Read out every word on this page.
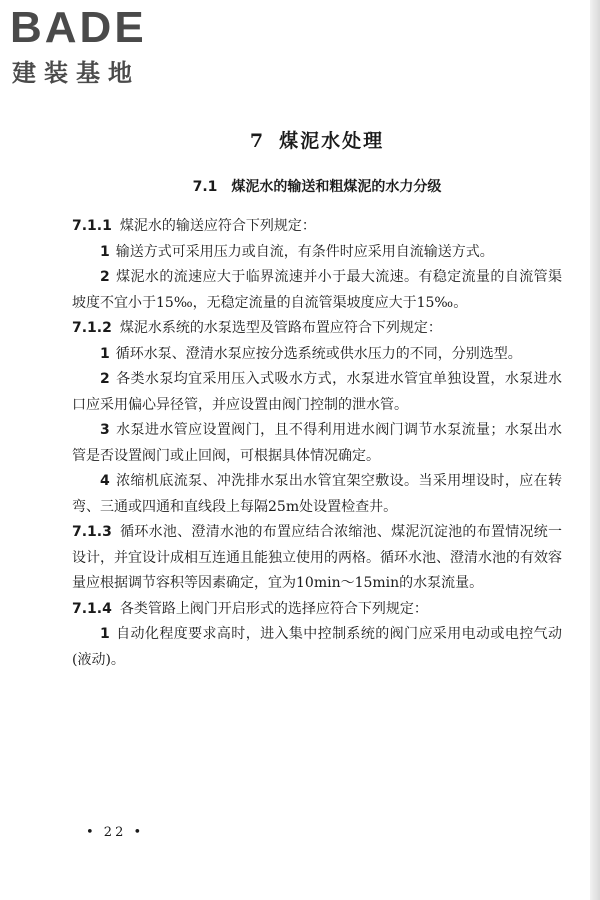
BADE
建装基地
7 煤泥水处理
7.1 煤泥水的输送和粗煤泥的水力分级

7.1.1 煤泥水的输送应符合下列规定：

1 输送方式可采用压力或自流，有条件时应采用自流输送方式。

2 煤泥水的流速应大于临界流速并小于最大流速。有稳定流量的自流管渠坡度不宜小于15‰，无稳定流量的自流管渠坡度应大于15‰。

7.1.2 煤泥水系统的水泵选型及管路布置应符合下列规定：

1 循环水泵、澄清水泵应按分选系统或供水压力的不同，分别选型。

2 各类水泵均宜采用压入式吸水方式，水泵进水管宜单独设置，水泵进水口应采用偏心异径管，并应设置由阀门控制的泄水管。

3 水泵进水管应设置阀门，且不得利用进水阀门调节水泵流量；水泵出水管是否设置阀门或止回阀，可根据具体情况确定。

4 浓缩机底流泵、冲洗排水泵出水管宜架空敷设。当采用埋设时，应在转弯、三通或四通和直线段上每隔25m处设置检查井。

7.1.3 循环水池、澄清水池的布置应结合浓缩池、煤泥沉淀池的布置情况统一设计，并宜设计成相互连通且能独立使用的两格。循环水池、澄清水池的有效容量应根据调节容积等因素确定，宜为10min～15min的水泵流量。

7.1.4 各类管路上阀门开启形式的选择应符合下列规定：

1 自动化程度要求高时，进入集中控制系统的阀门应采用电动或电控气动(液动)。

• 22 •
